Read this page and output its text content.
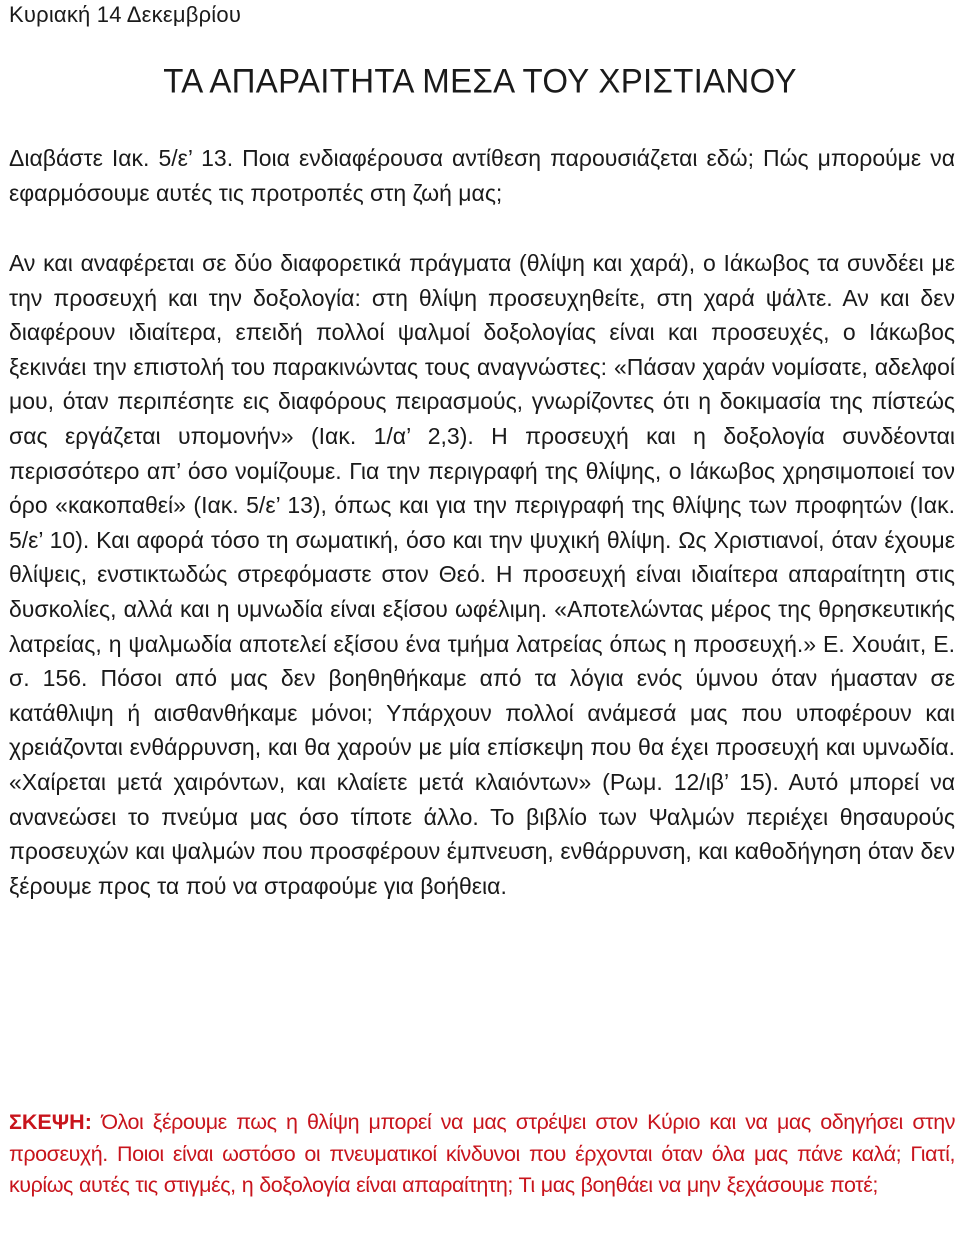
Κυριακή 14 Δεκεμβρίου
ΤΑ ΑΠΑΡΑΙΤΗΤΑ ΜΕΣΑ ΤΟΥ ΧΡΙΣΤΙΑΝΟΥ

Διαβάστε Ιακ. 5/ε’ 13. Ποια ενδιαφέρουσα αντίθεση παρουσιάζεται εδώ; Πώς μπορούμε να εφαρμόσουμε αυτές τις προτροπές στη ζωή μας;

Αν και αναφέρεται σε δύο διαφορετικά πράγματα (θλίψη και χαρά), ο Ιάκωβος τα συνδέει με την προσευχή και την δοξολογία: στη θλίψη προσευχηθείτε, στη χαρά ψάλτε. Αν και δεν διαφέρουν ιδιαίτερα, επειδή πολλοί ψαλμοί δοξολογίας είναι και προσευχές, ο Ιάκωβος ξεκινάει την επιστολή του παρακινώντας τους αναγνώστες: «Πάσαν χαράν νομίσατε, αδελφοί μου, όταν περιπέσητε εις διαφόρους πειρασμούς, γνωρίζοντες ότι η δοκιμασία της πίστεώς σας εργάζεται υπομονήν» (Ιακ. 1/α’ 2,3). Η προσευχή και η δοξολογία συνδέονται περισσότερο απ’ όσο νομίζουμε. Για την περιγραφή της θλίψης, ο Ιάκωβος χρησιμοποιεί τον όρο «κακοπαθεί» (Ιακ. 5/ε’ 13), όπως και για την περιγραφή της θλίψης των προφητών (Ιακ. 5/ε’ 10). Και αφορά τόσο τη σωματική, όσο και την ψυχική θλίψη. Ως Χριστιανοί, όταν έχουμε θλίψεις, ενστικτωδώς στρεφόμαστε στον Θεό. Η προσευχή είναι ιδιαίτερα απαραίτητη στις δυσκολίες, αλλά και η υμνωδία είναι εξίσου ωφέλιμη. «Αποτελώντας μέρος της θρησκευτικής λατρείας, η ψαλμωδία αποτελεί εξίσου ένα τμήμα λατρείας όπως η προσευχή.» Ε. Χουάιτ, Ε. σ. 156. Πόσοι από μας δεν βοηθηθήκαμε από τα λόγια ενός ύμνου όταν ήμασταν σε κατάθλιψη ή αισθανθήκαμε μόνοι; Υπάρχουν πολλοί ανάμεσά μας που υποφέρουν και χρειάζονται ενθάρρυνση, και θα χαρούν με μία επίσκεψη που θα έχει προσευχή και υμνωδία. «Χαίρεται μετά χαιρόντων, και κλαίετε μετά κλαιόντων» (Ρωμ. 12/ιβ’ 15). Αυτό μπορεί να ανανεώσει το πνεύμα μας όσο τίποτε άλλο. Το βιβλίο των Ψαλμών περιέχει θησαυρούς προσευχών και ψαλμών που προσφέρουν έμπνευση, ενθάρρυνση, και καθοδήγηση όταν δεν ξέρουμε προς τα πού να στραφούμε για βοήθεια.

ΣΚΕΨΗ: Όλοι ξέρουμε πως η θλίψη μπορεί να μας στρέψει στον Κύριο και να μας οδηγήσει στην προσευχή. Ποιοι είναι ωστόσο οι πνευματικοί κίνδυνοι που έρχονται όταν όλα μας πάνε καλά; Γιατί, κυρίως αυτές τις στιγμές, η δοξολογία είναι απαραίτητη; Τι μας βοηθάει να μην ξεχάσουμε ποτέ;
